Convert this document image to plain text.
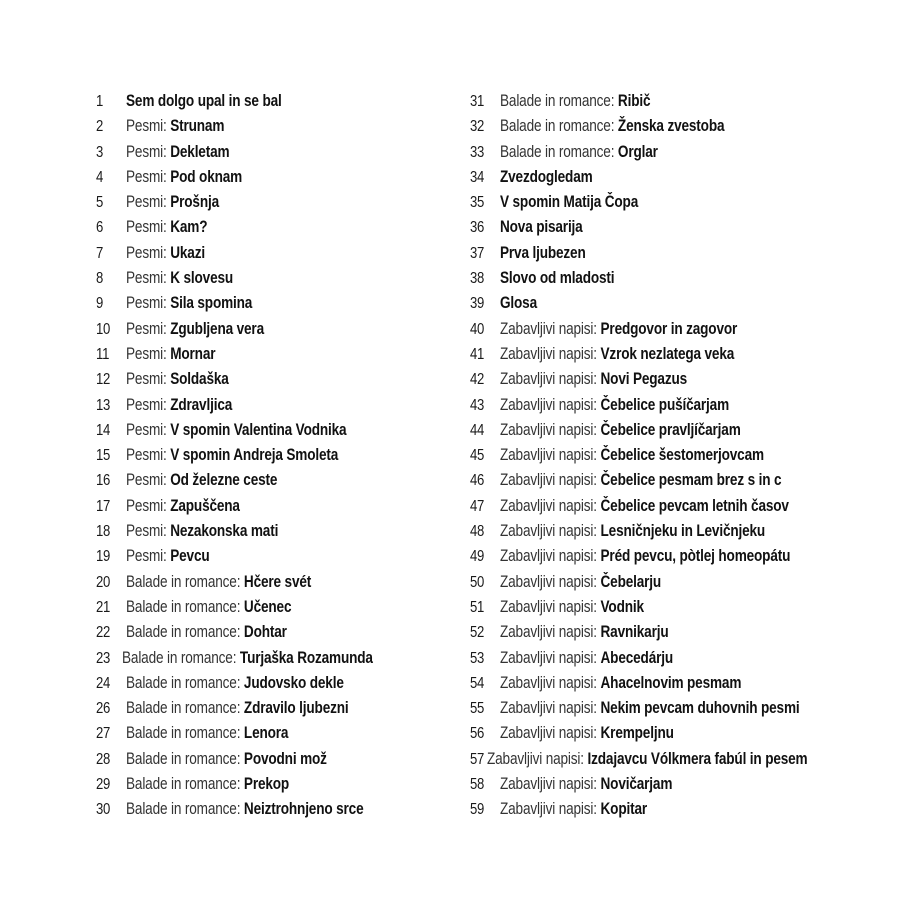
1	Sem dolgo upal in se bal
2	Pesmi: Strunam
3	Pesmi: Dekletam
4	Pesmi: Pod oknam
5	Pesmi: Prošnja
6	Pesmi: Kam?
7	Pesmi: Ukazi
8	Pesmi: K slovesu
9	Pesmi: Sila spomina
10 Pesmi: Zgubljena vera
11 Pesmi: Mornar
12 Pesmi: Soldaška
13 Pesmi: Zdravljica
14 Pesmi: V spomin Valentina Vodnika
15 Pesmi: V spomin Andreja Smoleta
16 Pesmi: Od železne ceste
17 Pesmi: Zapuščena
18 Pesmi: Nezakonska mati
19 Pesmi: Pevcu
20 Balade in romance: Hčere svét
21 Balade in romance: Učenec
22 Balade in romance: Dohtar
23 Balade in romance: Turjaška Rozamunda
24 Balade in romance: Judovsko dekle
26 Balade in romance: Zdravilo ljubezni
27 Balade in romance: Lenora
28 Balade in romance: Povodni mož
29 Balade in romance: Prekop
30 Balade in romance: Neiztrohnjeno srce
31 Balade in romance: Ribič
32 Balade in romance: Ženska zvestoba
33 Balade in romance: Orglar
34 Zvezdogledam
35 V spomin Matija Čopa
36 Nova pisarija
37 Prva ljubezen
38 Slovo od mladosti
39 Glosa
40 Zabavljivi napisi: Predgovor in zagovor
41 Zabavljivi napisi: Vzrok nezlatega veka
42 Zabavljivi napisi: Novi Pegazus
43 Zabavljivi napisi: Čebelice pušíčarjam
44 Zabavljivi napisi: Čebelice pravljíčarjam
45 Zabavljivi napisi: Čebelice šestomerjovcam
46 Zabavljivi napisi: Čebelice pesmam brez s in c
47 Zabavljivi napisi: Čebelice pevcam letnih časov
48 Zabavljivi napisi: Lesničnjeku in Levičnjeku
49 Zabavljivi napisi: Préd pevcu, pòtlej homeopátu
50 Zabavljivi napisi: Čebelarju
51 Zabavljivi napisi: Vodnik
52 Zabavljivi napisi: Ravnikarju
53 Zabavljivi napisi: Abecedárju
54 Zabavljivi napisi: Ahacelnovim pesmam
55 Zabavljivi napisi: Nekim pevcam duhovnih pesmi
56 Zabavljivi napisi: Krempeljnu
57 Zabavljivi napisi: Izdajavcu Vólkmera fabúl in pesem
58 Zabavljivi napisi: Novičarjam
59 Zabavljivi napisi: Kopitar
